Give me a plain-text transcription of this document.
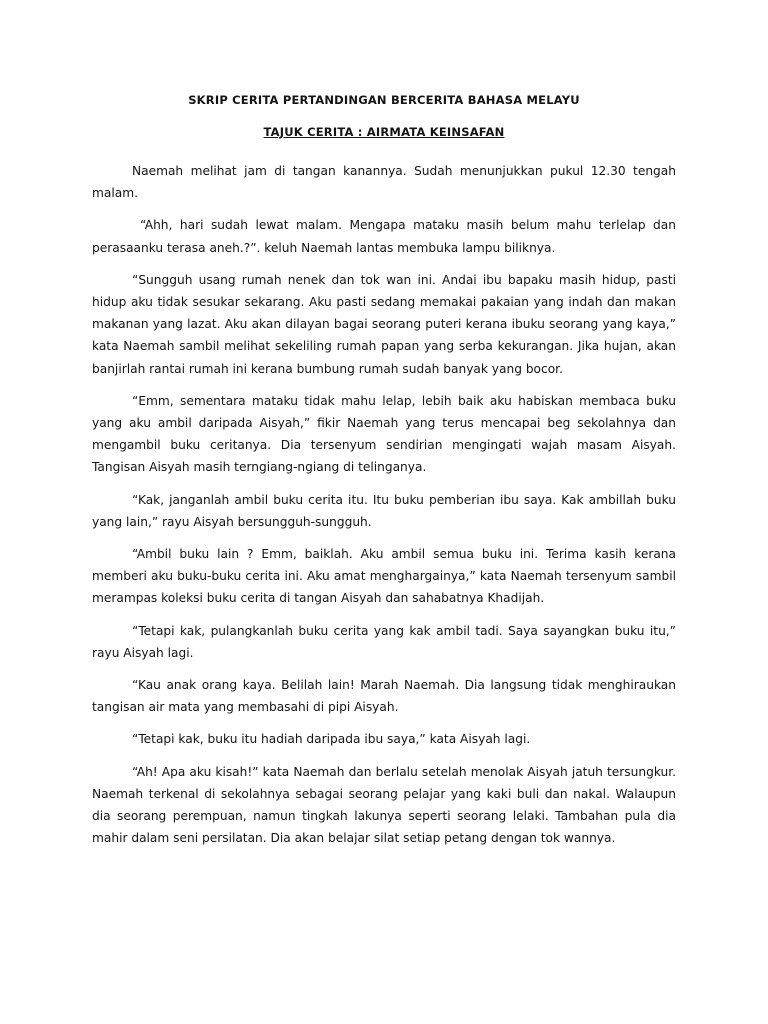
SKRIP CERITA PERTANDINGAN BERCERITA BAHASA MELAYU
TAJUK CERITA : AIRMATA KEINSAFAN

Naemah melihat jam di tangan kanannya. Sudah menunjukkan pukul 12.30 tengah malam.

“Ahh, hari sudah lewat malam. Mengapa mataku masih belum mahu terlelap dan perasaanku terasa aneh.?”. keluh Naemah lantas membuka lampu biliknya.

“Sungguh usang rumah nenek dan tok wan ini. Andai ibu bapaku masih hidup, pasti hidup aku tidak sesukar sekarang. Aku pasti sedang memakai pakaian yang indah dan makan makanan yang lazat. Aku akan dilayan bagai seorang puteri kerana ibuku seorang yang kaya,” kata Naemah sambil melihat sekeliling rumah papan yang serba kekurangan. Jika hujan, akan banjirlah rantai rumah ini kerana bumbung rumah sudah banyak yang bocor.

“Emm, sementara mataku tidak mahu lelap, lebih baik aku habiskan membaca buku yang aku ambil daripada Aisyah,” fikir Naemah yang terus mencapai beg sekolahnya dan mengambil buku ceritanya. Dia tersenyum sendirian mengingati wajah masam Aisyah. Tangisan Aisyah masih terngiang-ngiang di telinganya.

“Kak, janganlah ambil buku cerita itu. Itu buku pemberian ibu saya. Kak ambillah buku yang lain,” rayu Aisyah bersungguh-sungguh.

“Ambil buku lain ? Emm, baiklah. Aku ambil semua buku ini. Terima kasih kerana memberi aku buku-buku cerita ini. Aku amat menghargainya,” kata Naemah tersenyum sambil merampas koleksi buku cerita di tangan Aisyah dan sahabatnya Khadijah.

“Tetapi kak, pulangkanlah buku cerita yang kak ambil tadi. Saya sayangkan buku itu,” rayu Aisyah lagi.

“Kau anak orang kaya. Belilah lain! Marah Naemah. Dia langsung tidak menghiraukan tangisan air mata yang membasahi di pipi Aisyah.

“Tetapi kak, buku itu hadiah daripada ibu saya,” kata Aisyah lagi.

“Ah! Apa aku kisah!” kata Naemah dan berlalu setelah menolak Aisyah jatuh tersungkur. Naemah terkenal di sekolahnya sebagai seorang pelajar yang kaki buli dan nakal. Walaupun dia seorang perempuan, namun tingkah lakunya seperti seorang lelaki. Tambahan pula dia mahir dalam seni persilatan. Dia akan belajar silat setiap petang dengan tok wannya.
